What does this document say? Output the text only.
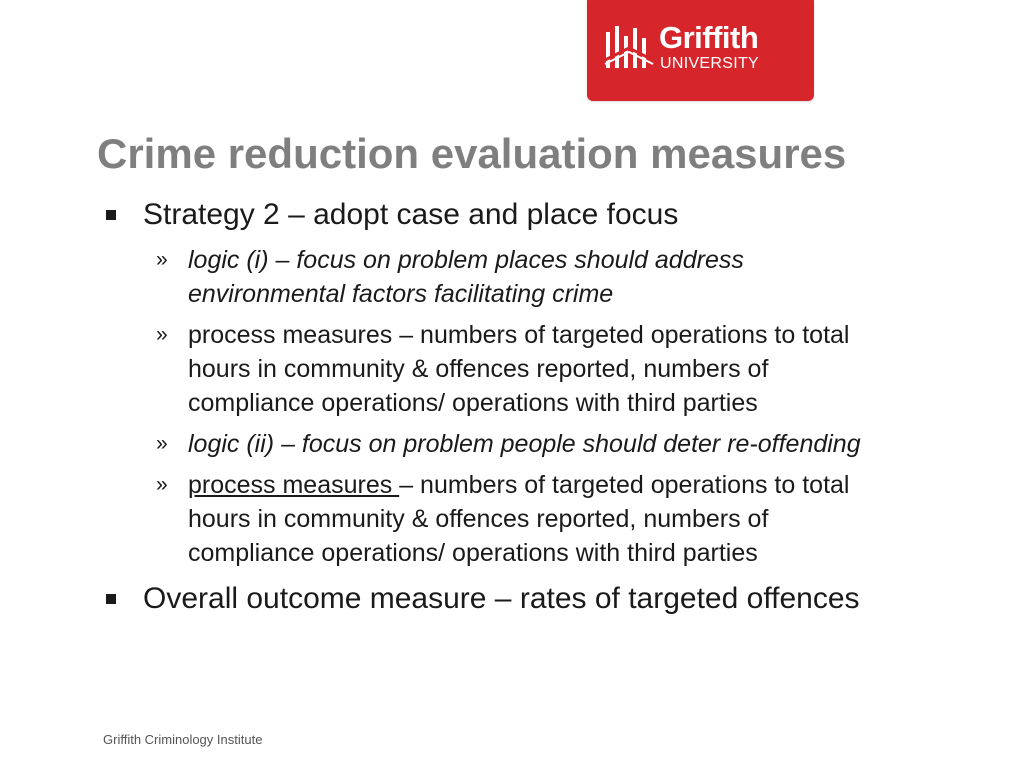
Griffith
UNIVERSITY
Crime reduction evaluation measures
Strategy 2 – adopt case and place focus
» logic (i) – focus on problem places should address
environmental factors facilitating crime
» process measures – numbers of targeted operations to total
hours in community & offences reported, numbers of
compliance operations/ operations with third parties
» logic (ii) – focus on problem people should deter re-offending
» process measures – numbers of targeted operations to total
hours in community & offences reported, numbers of
compliance operations/ operations with third parties
Overall outcome measure – rates of targeted offences
Griffith Criminology Institute
